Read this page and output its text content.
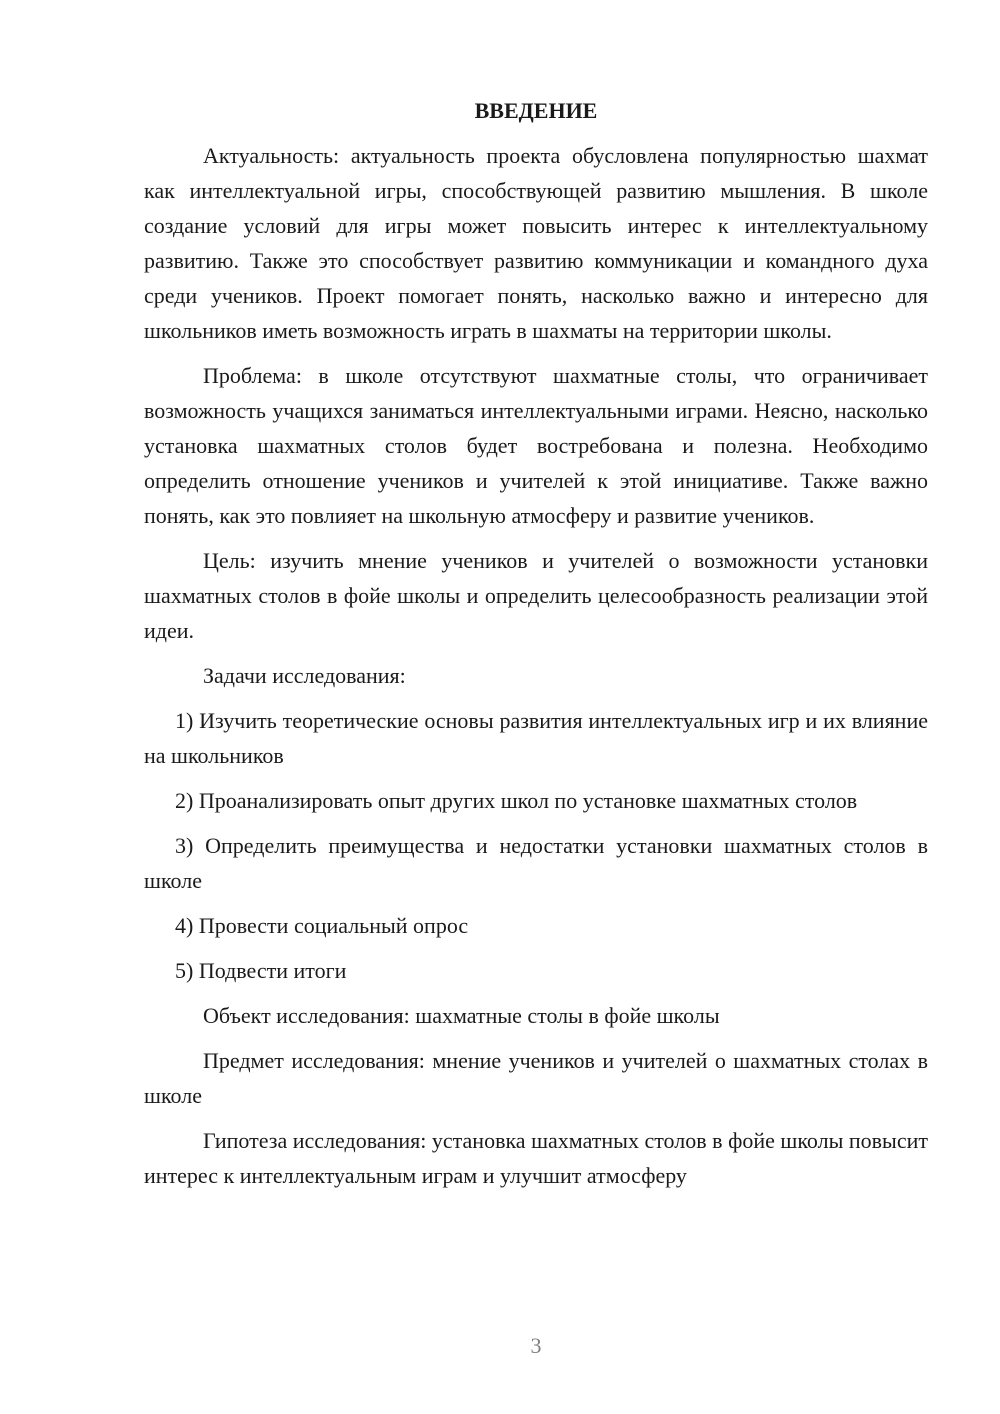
ВВЕДЕНИЕ

Актуальность: актуальность проекта обусловлена популярностью шахмат как интеллектуальной игры, способствующей развитию мышления. В школе создание условий для игры может повысить интерес к интеллектуальному развитию. Также это способствует развитию коммуникации и командного духа среди учеников. Проект помогает понять, насколько важно и интересно для школьников иметь возможность играть в шахматы на территории школы.

Проблема: в школе отсутствуют шахматные столы, что ограничивает возможность учащихся заниматься интеллектуальными играми. Неясно, насколько установка шахматных столов будет востребована и полезна. Необходимо определить отношение учеников и учителей к этой инициативе. Также важно понять, как это повлияет на школьную атмосферу и развитие учеников.

Цель: изучить мнение учеников и учителей о возможности установки шахматных столов в фойе школы и определить целесообразность реализации этой идеи.

Задачи исследования:

1) Изучить теоретические основы развития интеллектуальных игр и их влияние на школьников

2) Проанализировать опыт других школ по установке шахматных столов

3) Определить преимущества и недостатки установки шахматных столов в школе

4) Провести социальный опрос

5) Подвести итоги

Объект исследования: шахматные столы в фойе школы

Предмет исследования: мнение учеников и учителей о шахматных столах в школе

Гипотеза исследования: установка шахматных столов в фойе школы повысит интерес к интеллектуальным играм и улучшит атмосферу

3
